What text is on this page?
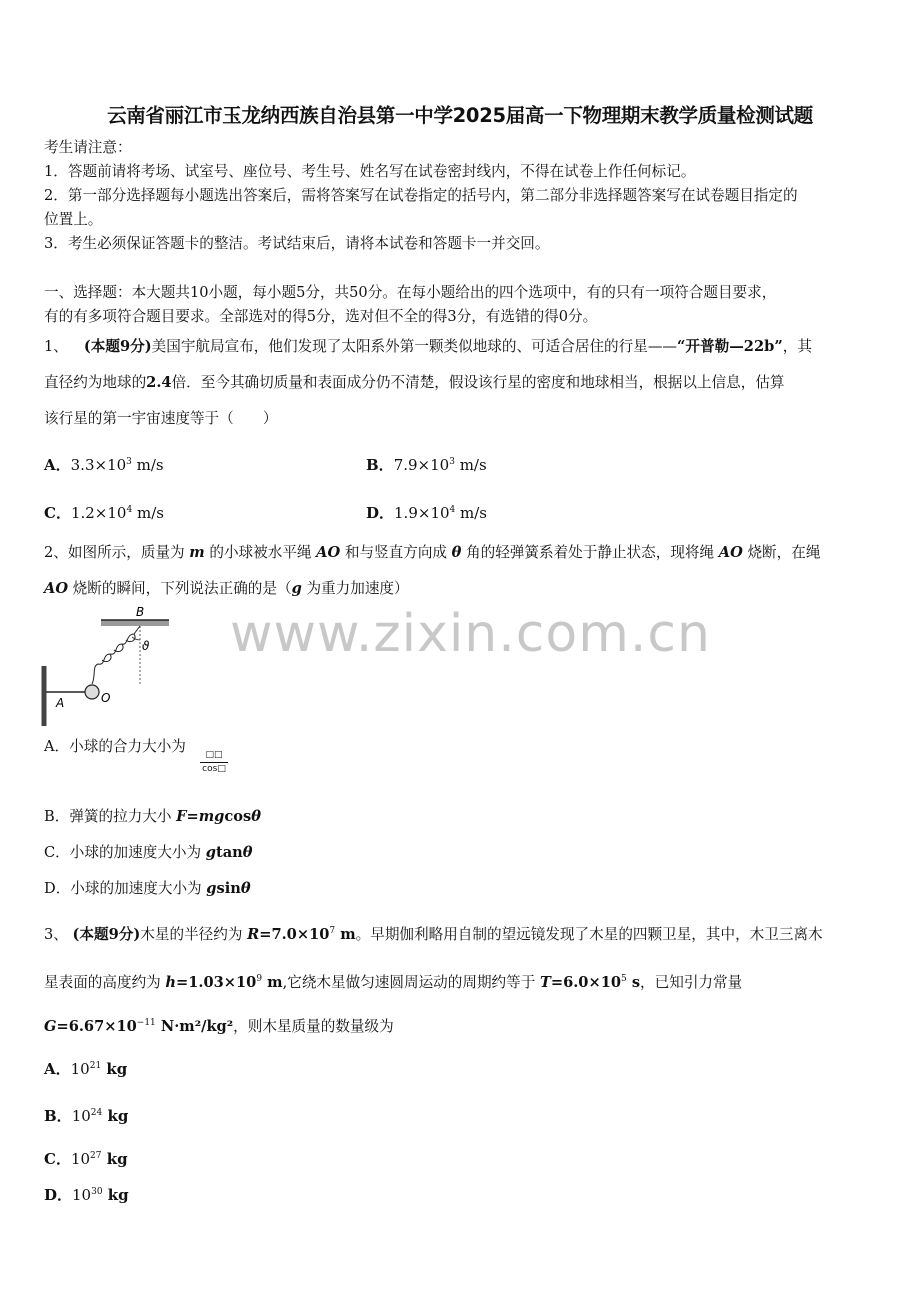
云南省丽江市玉龙纳西族自治县第一中学2025届高一下物理期末教学质量检测试题
考生请注意：
1．答题前请将考场、试室号、座位号、考生号、姓名写在试卷密封线内，不得在试卷上作任何标记。
2．第一部分选择题每小题选出答案后，需将答案写在试卷指定的括号内，第二部分非选择题答案写在试卷题目指定的
位置上。
3．考生必须保证答题卡的整洁。考试结束后，请将本试卷和答题卡一并交回。
一、选择题：本大题共10小题，每小题5分，共50分。在每小题给出的四个选项中，有的只有一项符合题目要求，
有的有多项符合题目要求。全部选对的得5分，选对但不全的得3分，有选错的得0分。
1、 (本题9分)美国宇航局宣布，他们发现了太阳系外第一颗类似地球的、可适合居住的行星——“开普勒—22b”，其
直径约为地球的2.4倍．至今其确切质量和表面成分仍不清楚，假设该行星的密度和地球相当，根据以上信息，估算
该行星的第一宇宙速度等于（　　）
A．$3.3\times 10^3$ m/s	B．$7.9\times 10^3$ m/s
C．$1.2\times 10^4$ m/s	D．$1.9\times 10^4$ m/s
2、如图所示，质量为 m 的小球被水平绳 AO 和与竖直方向成 θ 角的轻弹簧系着处于静止状态，现将绳 AO 烧断，在绳
AO 烧断的瞬间，下列说法正确的是（g 为重力加速度）
B
ϑ
A	O
A．小球的合力大小为	□□
cos□
B．弹簧的拉力大小 F=mgcosθ
C．小球的加速度大小为 gtanθ
D．小球的加速度大小为 gsinθ
3、 (本题9分)木星的半径约为 $R=7.0\times 10^7$ m。早期伽利略用自制的望远镜发现了木星的四颗卫星，其中，木卫三离木
星表面的高度约为 $h=1.03\times 10^9$ m,它绕木星做匀速圆周运动的周期约等于 $T=6.0\times 10^5$ s，已知引力常量
$G=6.67\times 10^{-11}$ N·m²/kg²，则木星质量的数量级为
A．$10^{21}$ kg
B．$10^{24}$ kg
C．$10^{27}$ kg
D．$10^{30}$ kg
www.zixin.com.cn
